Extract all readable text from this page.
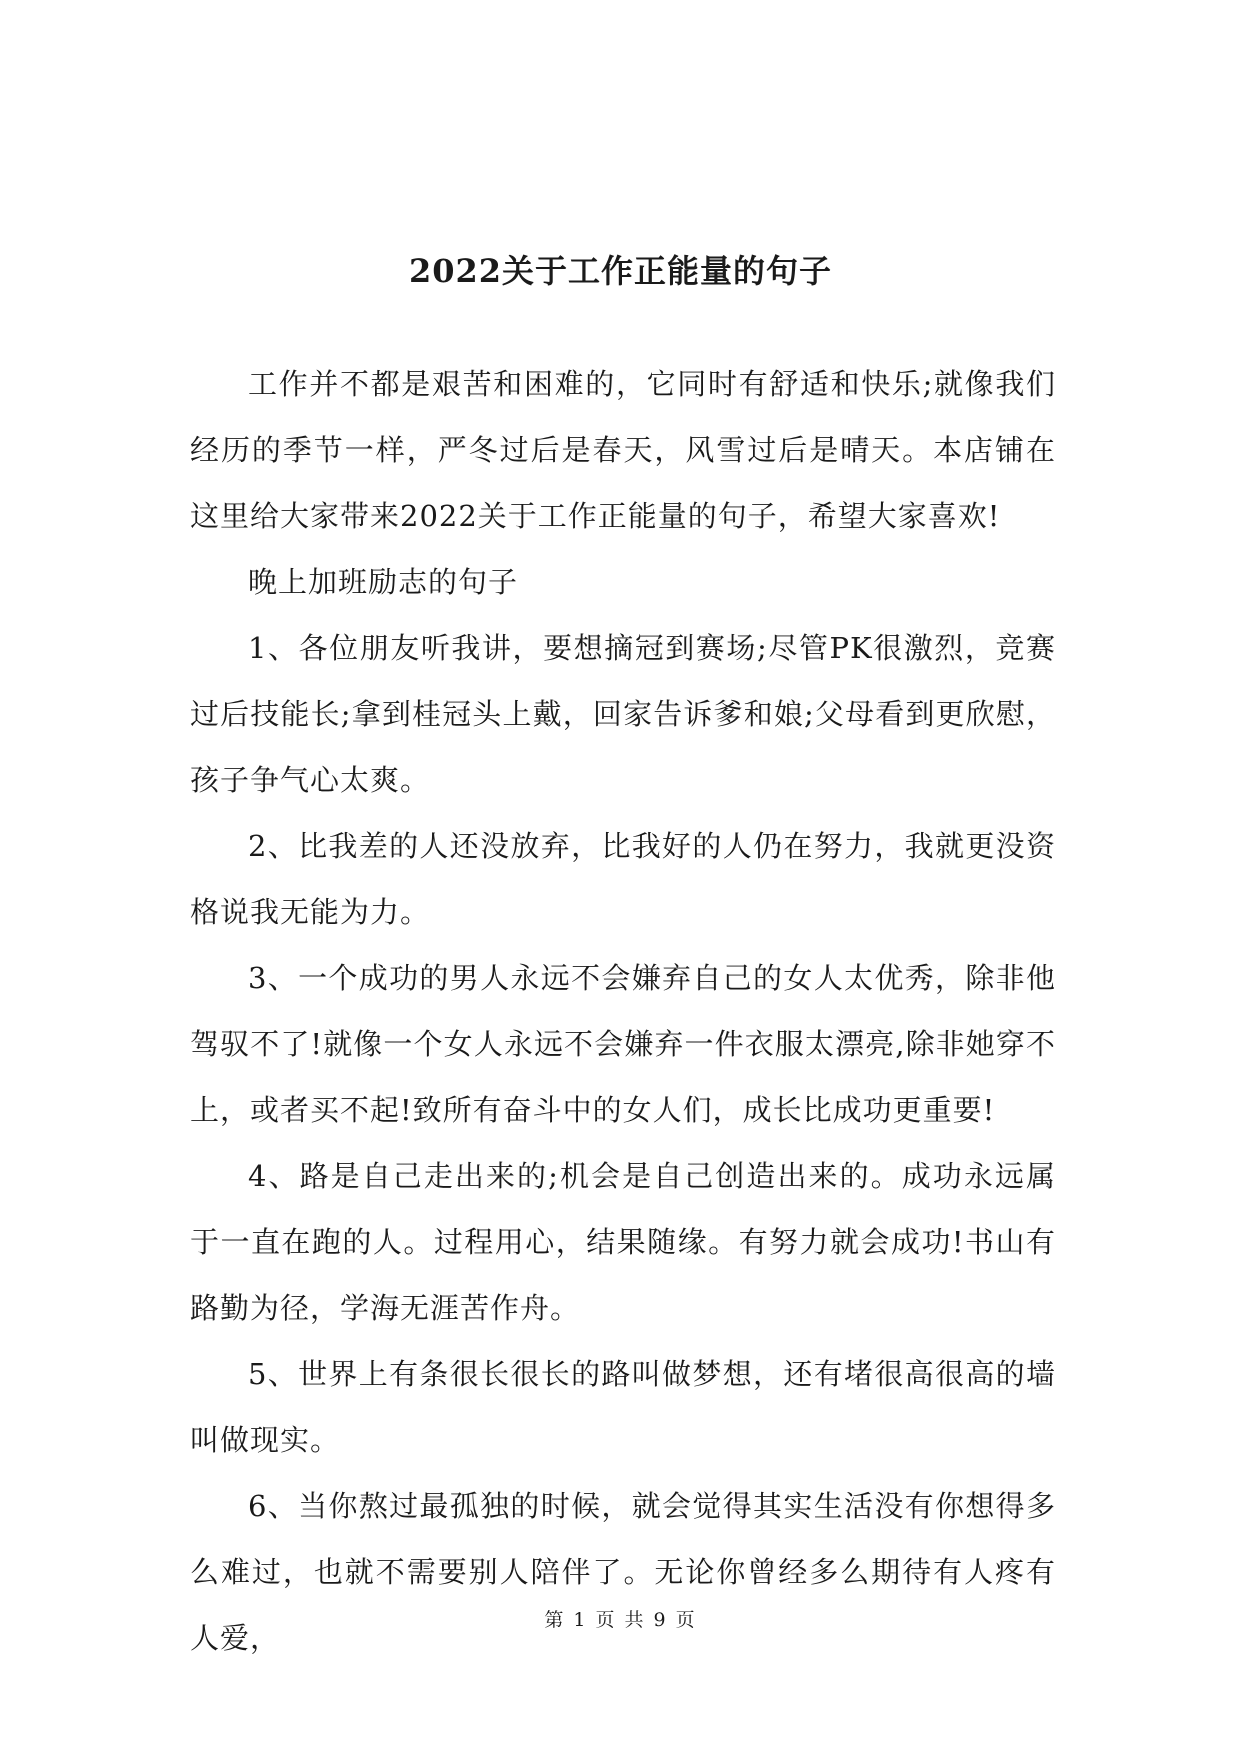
2022关于工作正能量的句子

工作并不都是艰苦和困难的，它同时有舒适和快乐;就像我们经历的季节一样，严冬过后是春天，风雪过后是晴天。本店铺在这里给大家带来2022关于工作正能量的句子，希望大家喜欢!

晚上加班励志的句子

1、各位朋友听我讲，要想摘冠到赛场;尽管PK很激烈，竞赛过后技能长;拿到桂冠头上戴，回家告诉爹和娘;父母看到更欣慰，孩子争气心太爽。

2、比我差的人还没放弃，比我好的人仍在努力，我就更没资格说我无能为力。

3、一个成功的男人永远不会嫌弃自己的女人太优秀，除非他驾驭不了!就像一个女人永远不会嫌弃一件衣服太漂亮,除非她穿不上，或者买不起!致所有奋斗中的女人们，成长比成功更重要!

4、路是自己走出来的;机会是自己创造出来的。成功永远属于一直在跑的人。过程用心，结果随缘。有努力就会成功!书山有路勤为径，学海无涯苦作舟。

5、世界上有条很长很长的路叫做梦想，还有堵很高很高的墙叫做现实。

6、当你熬过最孤独的时候，就会觉得其实生活没有你想得多么难过，也就不需要别人陪伴了。无论你曾经多么期待有人疼有人爱，

第 1 页 共 9 页
